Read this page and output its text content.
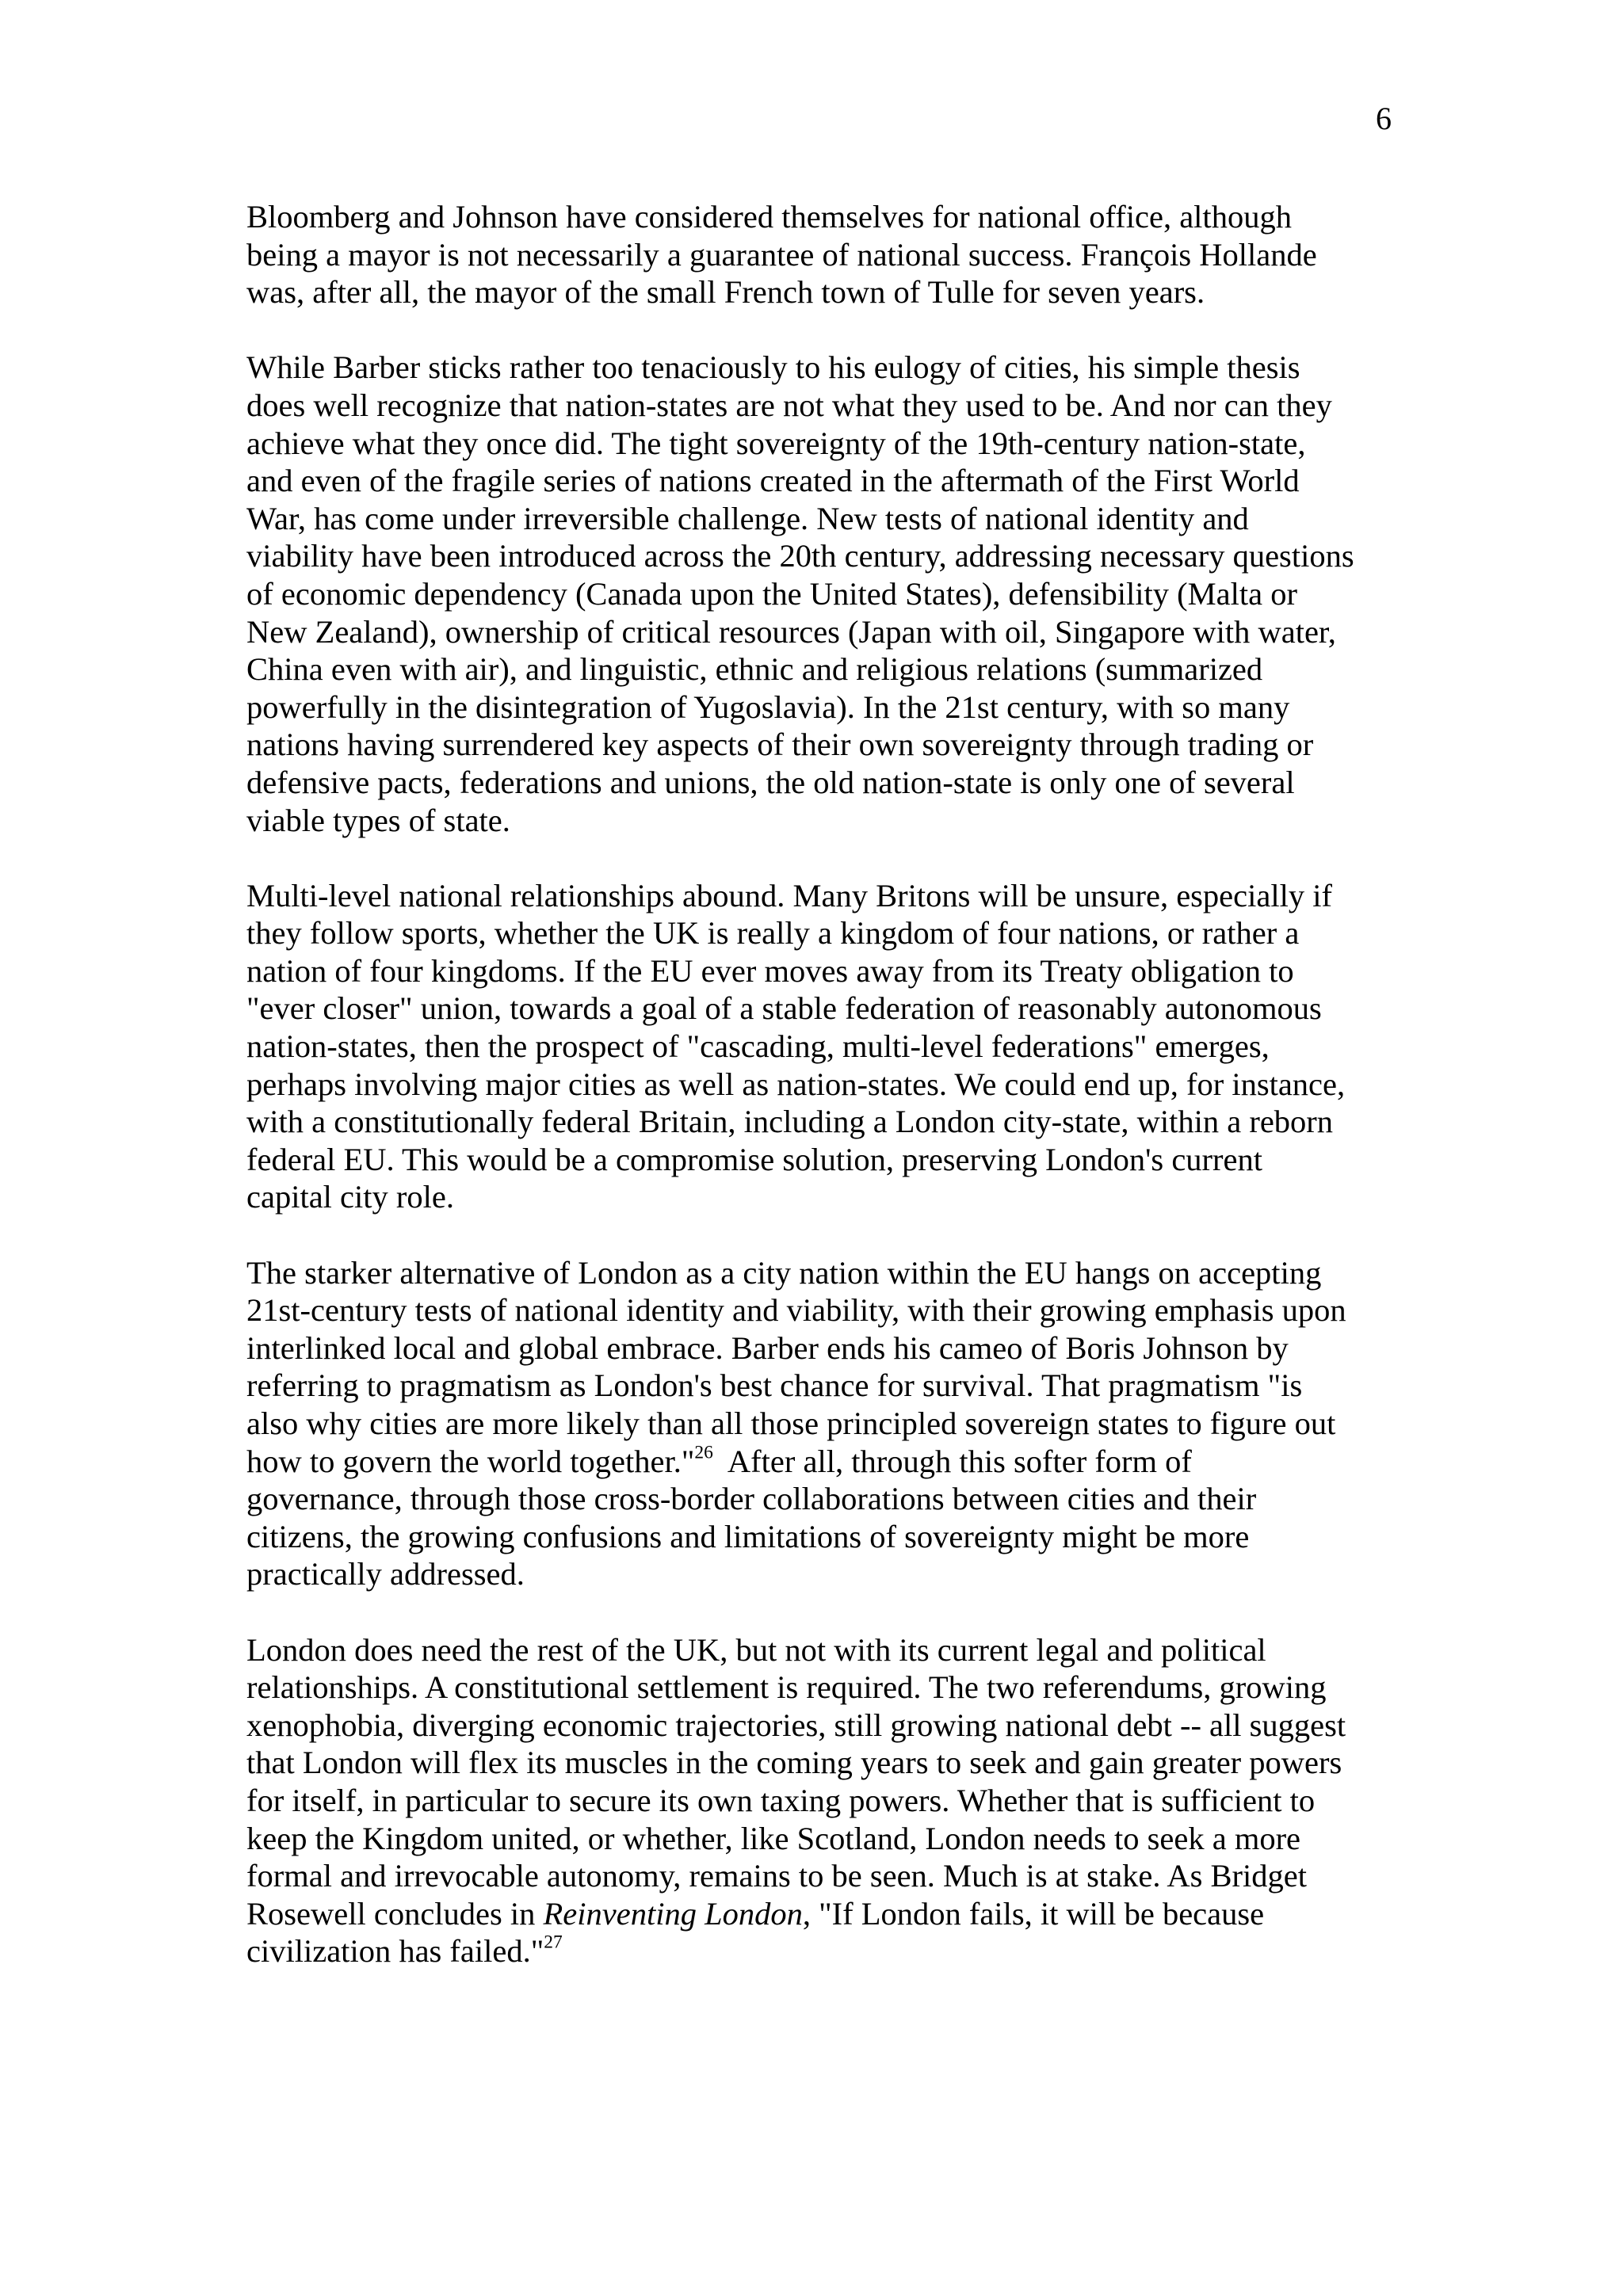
6

Bloomberg and Johnson have considered themselves for national office, although
being a mayor is not necessarily a guarantee of national success. François Hollande
was, after all, the mayor of the small French town of Tulle for seven years.

While Barber sticks rather too tenaciously to his eulogy of cities, his simple thesis
does well recognize that nation-states are not what they used to be. And nor can they
achieve what they once did. The tight sovereignty of the 19th-century nation-state,
and even of the fragile series of nations created in the aftermath of the First World
War, has come under irreversible challenge. New tests of national identity and
viability have been introduced across the 20th century, addressing necessary questions
of economic dependency (Canada upon the United States), defensibility (Malta or
New Zealand), ownership of critical resources (Japan with oil, Singapore with water,
China even with air), and linguistic, ethnic and religious relations (summarized
powerfully in the disintegration of Yugoslavia). In the 21st century, with so many
nations having surrendered key aspects of their own sovereignty through trading or
defensive pacts, federations and unions, the old nation-state is only one of several
viable types of state.

Multi-level national relationships abound. Many Britons will be unsure, especially if
they follow sports, whether the UK is really a kingdom of four nations, or rather a
nation of four kingdoms. If the EU ever moves away from its Treaty obligation to
"ever closer" union, towards a goal of a stable federation of reasonably autonomous
nation-states, then the prospect of "cascading, multi-level federations" emerges,
perhaps involving major cities as well as nation-states. We could end up, for instance,
with a constitutionally federal Britain, including a London city-state, within a reborn
federal EU. This would be a compromise solution, preserving London's current
capital city role.

The starker alternative of London as a city nation within the EU hangs on accepting
21st-century tests of national identity and viability, with their growing emphasis upon
interlinked local and global embrace. Barber ends his cameo of Boris Johnson by
referring to pragmatism as London's best chance for survival. That pragmatism "is
also why cities are more likely than all those principled sovereign states to figure out
how to govern the world together."$^{26}$  After all, through this softer form of
governance, through those cross-border collaborations between cities and their
citizens, the growing confusions and limitations of sovereignty might be more
practically addressed.

London does need the rest of the UK, but not with its current legal and political
relationships. A constitutional settlement is required. The two referendums, growing
xenophobia, diverging economic trajectories, still growing national debt -- all suggest
that London will flex its muscles in the coming years to seek and gain greater powers
for itself, in particular to secure its own taxing powers. Whether that is sufficient to
keep the Kingdom united, or whether, like Scotland, London needs to seek a more
formal and irrevocable autonomy, remains to be seen. Much is at stake. As Bridget
Rosewell concludes in Reinventing London, "If London fails, it will be because
civilization has failed."$^{27}$
